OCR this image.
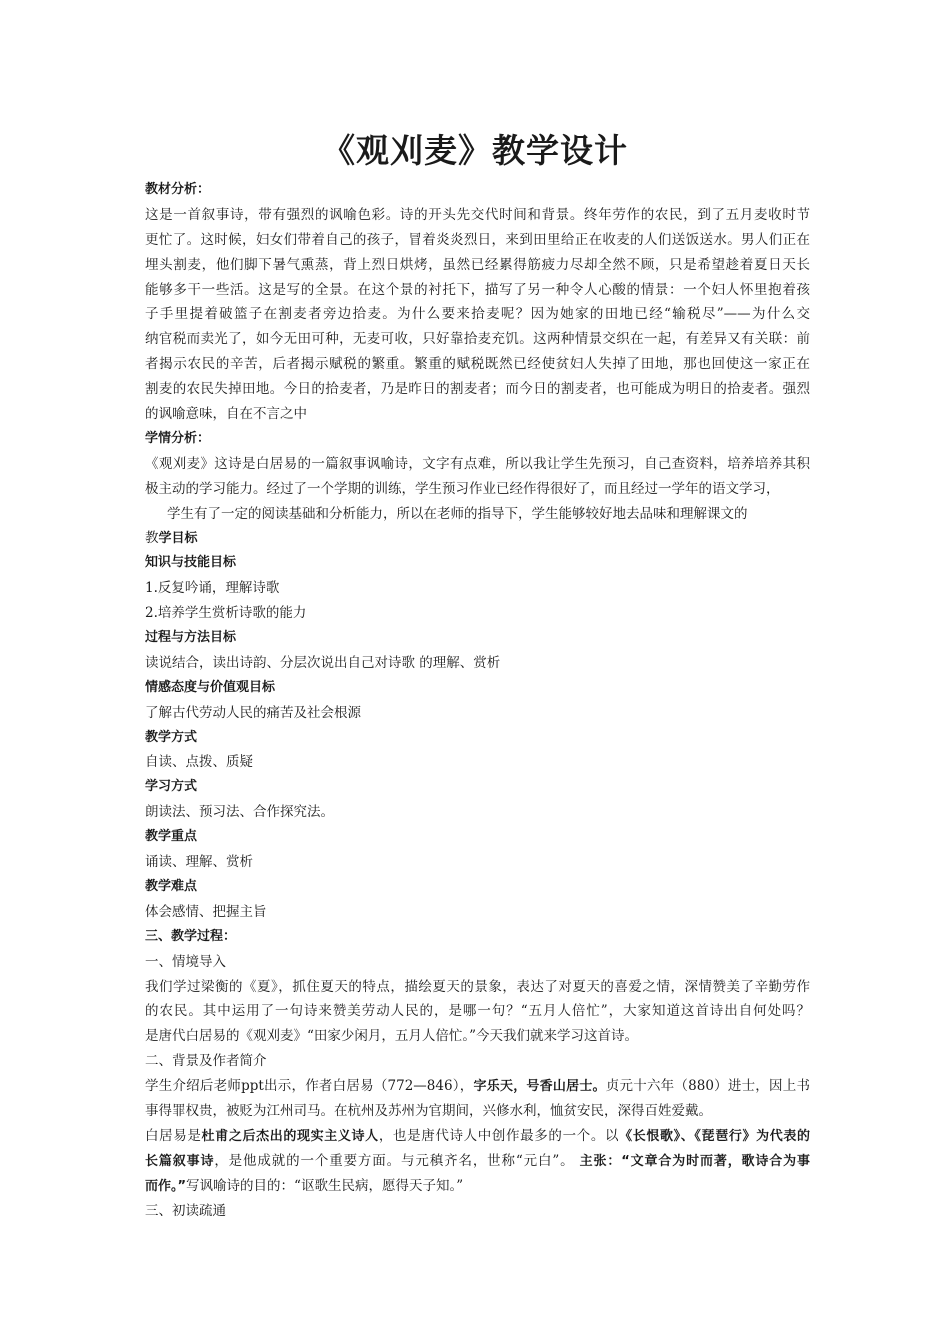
《观刈麦》教学设计
教材分析：
这是一首叙事诗，带有强烈的讽喻色彩。诗的开头先交代时间和背景。终年劳作的农民，到了五月麦收时节
更忙了。这时候，妇女们带着自己的孩子，冒着炎炎烈日，来到田里给正在收麦的人们送饭送水。男人们正在
埋头割麦，他们脚下暑气熏蒸，背上烈日烘烤，虽然已经累得筋疲力尽却全然不顾，只是希望趁着夏日天长
能够多干一些活。这是写的全景。在这个景的衬托下，描写了另一种令人心酸的情景：一个妇人怀里抱着孩
子手里提着破篮子在割麦者旁边拾麦。为什么要来拾麦呢？因为她家的田地已经“输税尽”——为什么交
纳官税而卖光了，如今无田可种，无麦可收，只好靠拾麦充饥。这两种情景交织在一起，有差异又有关联：前
者揭示农民的辛苦，后者揭示赋税的繁重。繁重的赋税既然已经使贫妇人失掉了田地，那也回使这一家正在
割麦的农民失掉田地。今日的拾麦者，乃是昨日的割麦者；而今日的割麦者，也可能成为明日的拾麦者。强烈
的讽喻意味，自在不言之中
学情分析：
《观刈麦》这诗是白居易的一篇叙事讽喻诗，文字有点难，所以我让学生先预习，自己查资料，培养培养其积
极主动的学习能力。经过了一个学期的训练，学生预习作业已经作得很好了，而且经过一学年的语文学习，
学生有了一定的阅读基础和分析能力，所以在老师的指导下，学生能够较好地去品味和理解课文的
教学目标
知识与技能目标
1.反复吟诵，理解诗歌
2.培养学生赏析诗歌的能力
过程与方法目标
读说结合，读出诗韵、分层次说出自己对诗歌 的理解、赏析
情感态度与价值观目标
了解古代劳动人民的痛苦及社会根源
教学方式
自读、点拨、质疑
学习方式
朗读法、预习法、合作探究法。
教学重点
诵读、理解、赏析
教学难点
体会感情、把握主旨
三、教学过程：
一、情境导入
我们学过梁衡的《夏》，抓住夏天的特点，描绘夏天的景象，表达了对夏天的喜爱之情，深情赞美了辛勤劳作
的农民。其中运用了一句诗来赞美劳动人民的，是哪一句？“五月人倍忙”，大家知道这首诗出自何处吗？
是唐代白居易的《观刈麦》“田家少闲月，五月人倍忙。”今天我们就来学习这首诗。
二、背景及作者简介
学生介绍后老师ppt出示，作者白居易（772—846），字乐天，号香山居士。贞元十六年（880）进士，因上书
事得罪权贵，被贬为江州司马。在杭州及苏州为官期间，兴修水利，恤贫安民，深得百姓爱戴。
白居易是杜甫之后杰出的现实主义诗人，也是唐代诗人中创作最多的一个。以《长恨歌》、《琵琶行》为代表的
长篇叙事诗，是他成就的一个重要方面。与元稹齐名，世称“元白”。 主张：“文章合为时而著，歌诗合为事
而作。”写讽喻诗的目的：“讴歌生民病，愿得天子知。”
三、初读疏通
